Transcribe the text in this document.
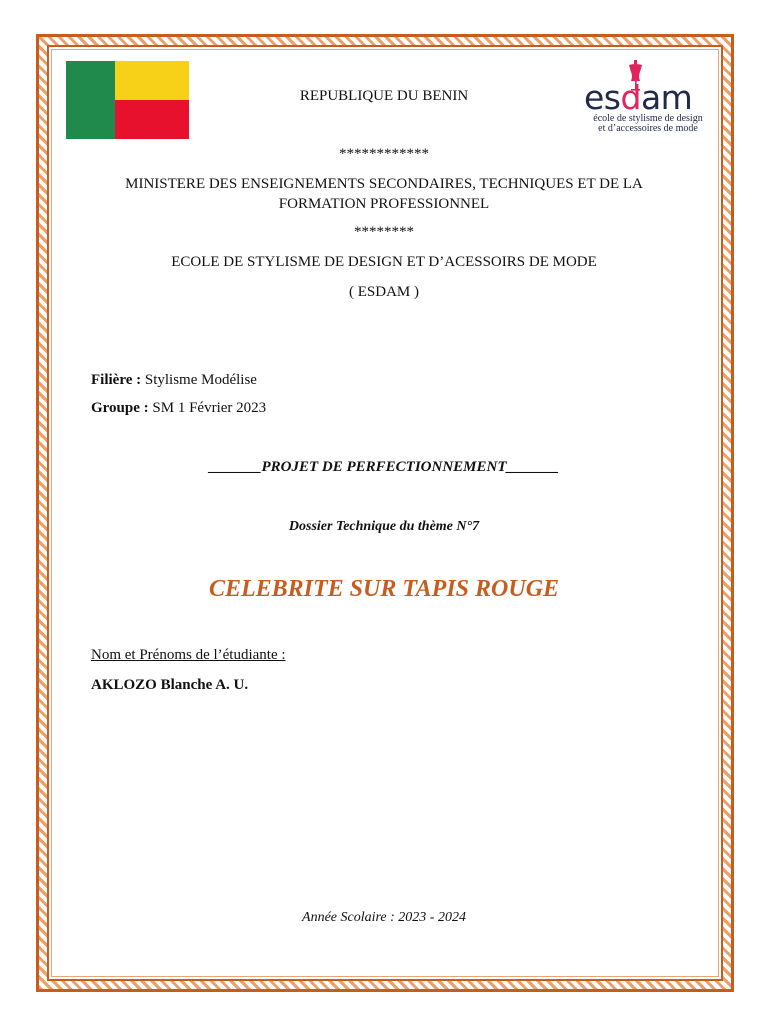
esdam
école de stylisme de design
et d’accessoires de mode
REPUBLIQUE DU BENIN
************
MINISTERE DES ENSEIGNEMENTS SECONDAIRES, TECHNIQUES ET DE LA FORMATION PROFESSIONNEL
********
ECOLE DE STYLISME DE DESIGN ET D’ACESSOIRS DE MODE
( ESDAM )
Filière : Stylisme Modélise
Groupe : SM 1 Février 2023
_______PROJET DE PERFECTIONNEMENT_______
Dossier Technique du thème N°7
CELEBRITE SUR TAPIS ROUGE
Nom et Prénoms de l’étudiante :
AKLOZO Blanche A. U.
Année Scolaire : 2023 - 2024
